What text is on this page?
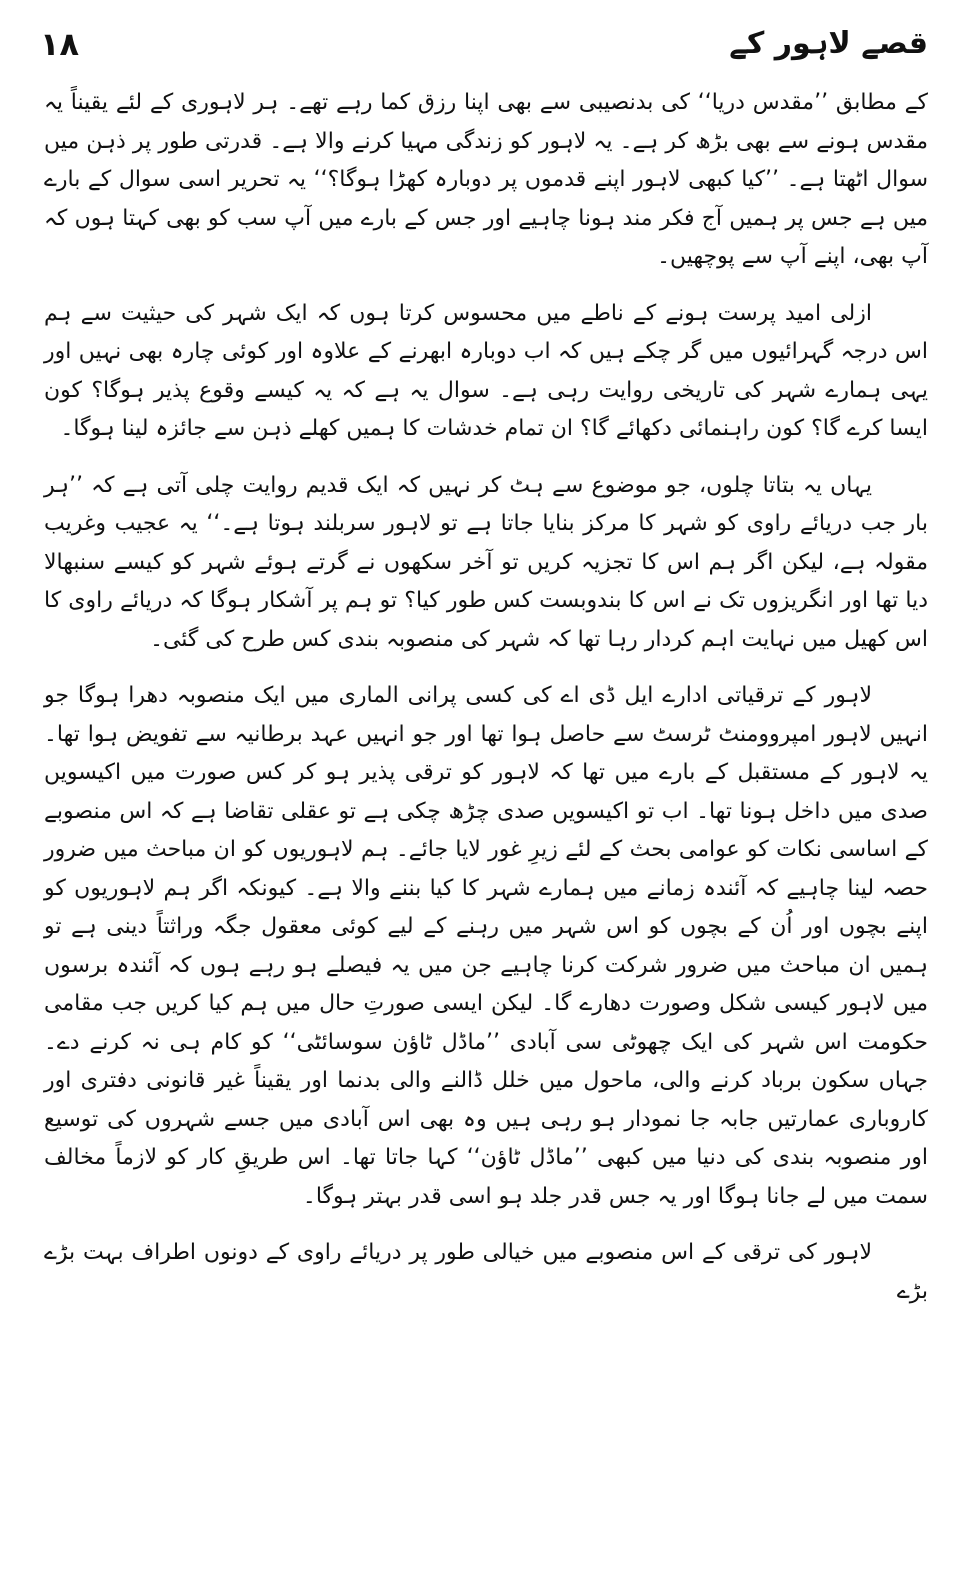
قصے لاہور کے
۱۸

کے مطابق ’’مقدس دریا‘‘ کی بدنصیبی سے بھی اپنا رزق کما رہے تھے۔ ہر لاہوری کے لئے یقیناً یہ مقدس ہونے سے بھی بڑھ کر ہے۔ یہ لاہور کو زندگی مہیا کرنے والا ہے۔ قدرتی طور پر ذہن میں سوال اٹھتا ہے۔ ’’کیا کبھی لاہور اپنے قدموں پر دوبارہ کھڑا ہوگا؟‘‘ یہ تحریر اسی سوال کے بارے میں ہے جس پر ہمیں آج فکر مند ہونا چاہیے اور جس کے بارے میں آپ سب کو بھی کہتا ہوں کہ آپ بھی، اپنے آپ سے پوچھیں۔

ازلی امید پرست ہونے کے ناطے میں محسوس کرتا ہوں کہ ایک شہر کی حیثیت سے ہم اس درجہ گہرائیوں میں گر چکے ہیں کہ اب دوبارہ ابھرنے کے علاوہ اور کوئی چارہ بھی نہیں اور یہی ہمارے شہر کی تاریخی روایت رہی ہے۔ سوال یہ ہے کہ یہ کیسے وقوع پذیر ہوگا؟ کون ایسا کرے گا؟ کون راہنمائی دکھائے گا؟ ان تمام خدشات کا ہمیں کھلے ذہن سے جائزہ لینا ہوگا۔

یہاں یہ بتاتا چلوں، جو موضوع سے ہٹ کر نہیں کہ ایک قدیم روایت چلی آتی ہے کہ ’’ہر بار جب دریائے راوی کو شہر کا مرکز بنایا جاتا ہے تو لاہور سربلند ہوتا ہے۔‘‘ یہ عجیب وغریب مقولہ ہے، لیکن اگر ہم اس کا تجزیہ کریں تو آخر سکھوں نے گرتے ہوئے شہر کو کیسے سنبھالا دیا تھا اور انگریزوں تک نے اس کا بندوبست کس طور کیا؟ تو ہم پر آشکار ہوگا کہ دریائے راوی کا اس کھیل میں نہایت اہم کردار رہا تھا کہ شہر کی منصوبہ بندی کس طرح کی گئی۔

لاہور کے ترقیاتی ادارے ایل ڈی اے کی کسی پرانی الماری میں ایک منصوبہ دھرا ہوگا جو انہیں لاہور امپروومنٹ ٹرسٹ سے حاصل ہوا تھا اور جو انہیں عہد برطانیہ سے تفویض ہوا تھا۔ یہ لاہور کے مستقبل کے بارے میں تھا کہ لاہور کو ترقی پذیر ہو کر کس صورت میں اکیسویں صدی میں داخل ہونا تھا۔ اب تو اکیسویں صدی چڑھ چکی ہے تو عقلی تقاضا ہے کہ اس منصوبے کے اساسی نکات کو عوامی بحث کے لئے زیرِ غور لایا جائے۔ ہم لاہوریوں کو ان مباحث میں ضرور حصہ لینا چاہیے کہ آئندہ زمانے میں ہمارے شہر کا کیا بننے والا ہے۔ کیونکہ اگر ہم لاہوریوں کو اپنے بچوں اور اُن کے بچوں کو اس شہر میں رہنے کے لیے کوئی معقول جگہ وراثتاً دینی ہے تو ہمیں ان مباحث میں ضرور شرکت کرنا چاہیے جن میں یہ فیصلے ہو رہے ہوں کہ آئندہ برسوں میں لاہور کیسی شکل وصورت دھارے گا۔ لیکن ایسی صورتِ حال میں ہم کیا کریں جب مقامی حکومت اس شہر کی ایک چھوٹی سی آبادی ’’ماڈل ٹاؤن سوسائٹی‘‘ کو کام ہی نہ کرنے دے۔ جہاں سکون برباد کرنے والی، ماحول میں خلل ڈالنے والی بدنما اور یقیناً غیر قانونی دفتری اور کاروباری عمارتیں جابہ جا نمودار ہو رہی ہیں وہ بھی اس آبادی میں جسے شہروں کی توسیع اور منصوبہ بندی کی دنیا میں کبھی ’’ماڈل ٹاؤن‘‘ کہا جاتا تھا۔ اس طریقِ کار کو لازماً مخالف سمت میں لے جانا ہوگا اور یہ جس قدر جلد ہو اسی قدر بہتر ہوگا۔

لاہور کی ترقی کے اس منصوبے میں خیالی طور پر دریائے راوی کے دونوں اطراف بہت بڑے بڑے
